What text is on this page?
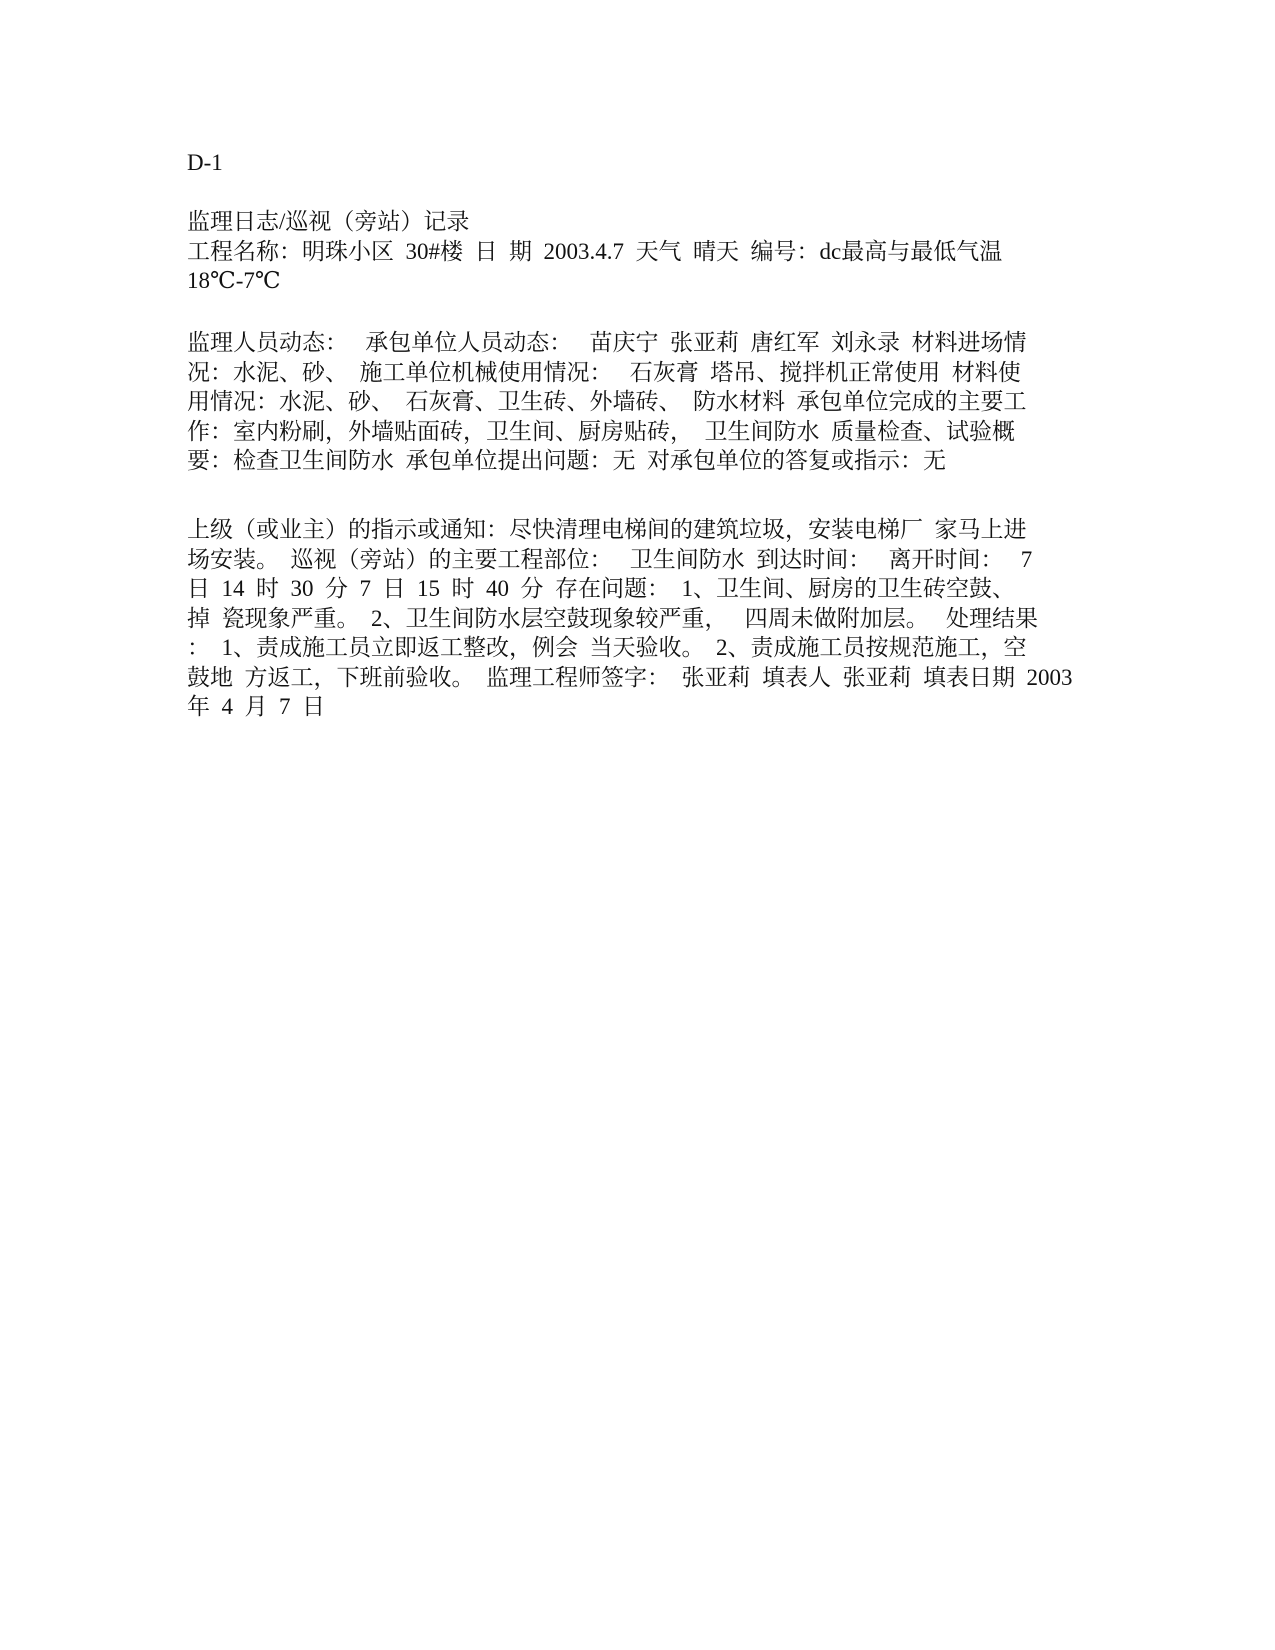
D-1
监理日志/巡视（旁站）记录
工程名称：明珠小区  30#楼  日  期  2003.4.7  天气  晴天  编号：dc最高与最低气温
18℃-7℃
监理人员动态：   承包单位人员动态：   苗庆宁  张亚莉  唐红军  刘永录  材料进场情
况：水泥、砂、  施工单位机械使用情况：   石灰膏  塔吊、搅拌机正常使用  材料使
用情况：水泥、砂、  石灰膏、卫生砖、外墙砖、  防水材料  承包单位完成的主要工
作：室内粉刷，外墙贴面砖，卫生间、厨房贴砖，  卫生间防水  质量检查、试验概
要：检查卫生间防水  承包单位提出问题：无  对承包单位的答复或指示：无
上级（或业主）的指示或通知：尽快清理电梯间的建筑垃圾，安装电梯厂  家马上进
场安装。  巡视（旁站）的主要工程部位：   卫生间防水  到达时间：   离开时间：   7
日  14  时  30  分  7  日  15  时  40  分  存在问题：  1、卫生间、厨房的卫生砖空鼓、
掉  瓷现象严重。  2、卫生间防水层空鼓现象较严重，   四周未做附加层。   处理结果
：  1、责成施工员立即返工整改，例会  当天验收。  2、责成施工员按规范施工，空
鼓地  方返工，下班前验收。  监理工程师签字：  张亚莉  填表人  张亚莉  填表日期  2003
年  4  月  7  日
